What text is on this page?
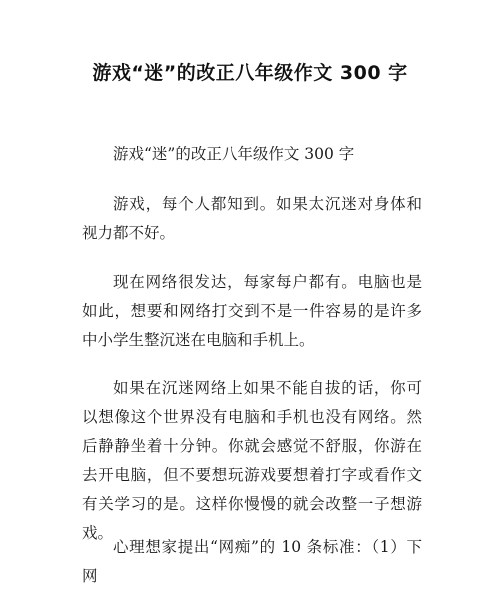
游戏“迷”的改正八年级作文 300 字

游戏“迷”的改正八年级作文 300 字

游戏，每个人都知到。如果太沉迷对身体和视力都不好。

现在网络很发达，每家每户都有。电脑也是如此，想要和网络打交到不是一件容易的是许多中小学生整沉迷在电脑和手机上。

如果在沉迷网络上如果不能自拔的话，你可以想像这个世界没有电脑和手机也没有网络。然后静静坐着十分钟。你就会感觉不舒服，你游在去开电脑，但不要想玩游戏要想着打字或看作文有关学习的是。这样你慢慢的就会改整一子想游戏。

心理想家提出“网痴”的 10 条标准：（1）下网
